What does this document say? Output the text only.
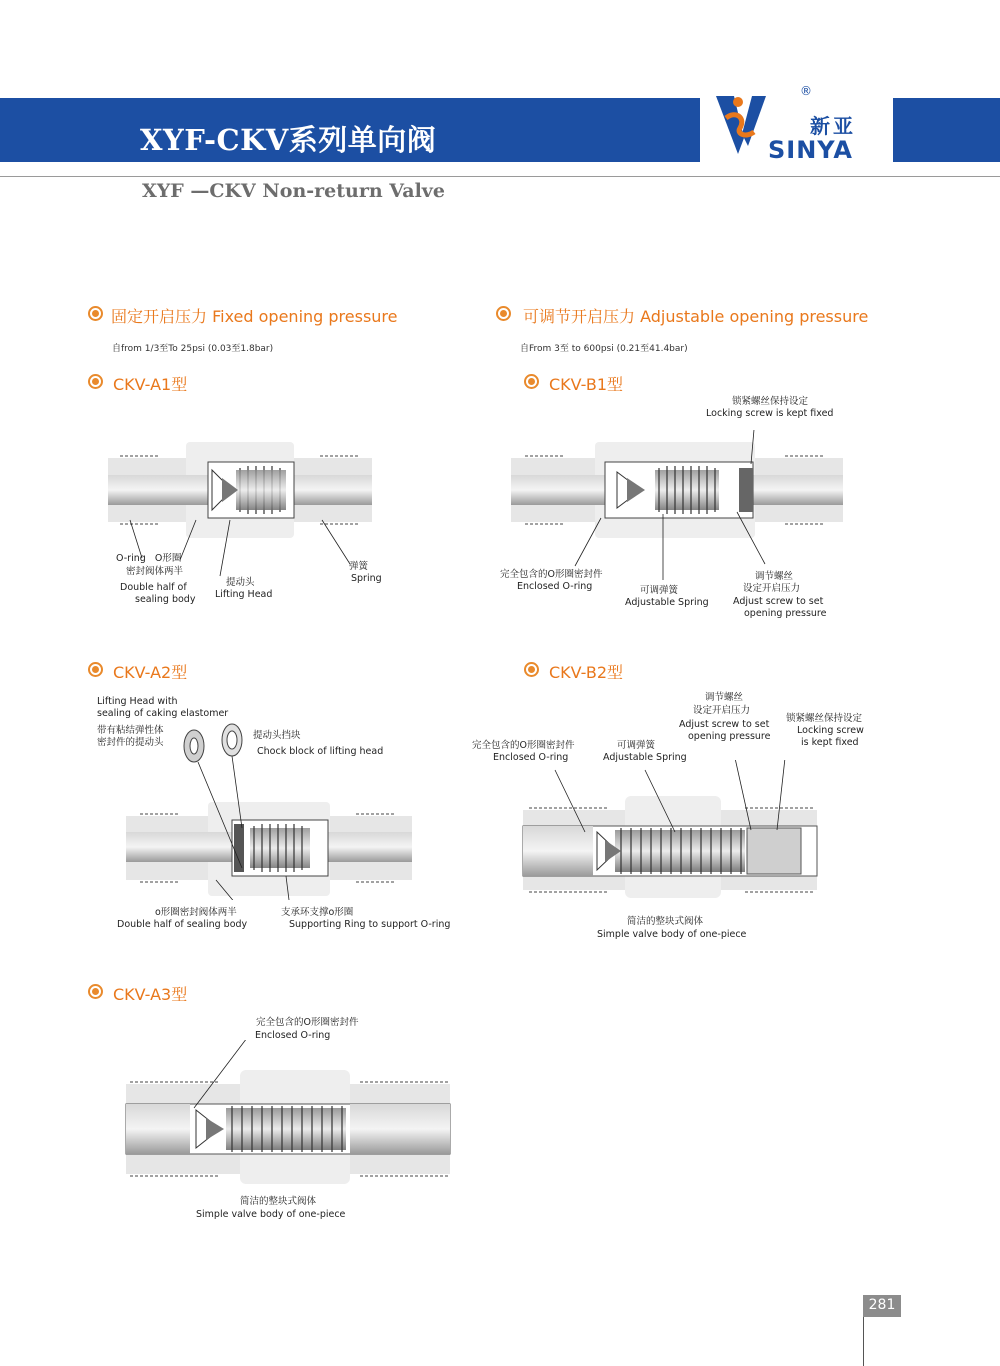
XYF-CKV系列单向阀
XYF —CKV Non-return Valve
®
新亚
SINYA
固定开启压力 Fixed opening pressure
自from 1/3至To 25psi (0.03至1.8bar)
可调节开启压力 Adjustable opening pressure
自From 3至 to 600psi (0.21至41.4bar)
CKV-A1型	CKV-B1型
CKV-A2型	CKV-B2型
CKV-A3型
O-ring O形圈
密封阀体两半
Double half of
sealing body
提动头
Lifting Head
弹簧
Spring
锁紧螺丝保持设定
Locking screw is kept fixed
完全包含的O形圈密封件
Enclosed O-ring	可调弹簧
Adjustable Spring
调节螺丝
设定开启压力
Adjust screw to set
opening pressure
Lifting Head with
sealing of caking elastomer
带有粘结弹性体
密封件的提动头
提动头挡块
Chock block of lifting head
o形圈密封阀体两半
Double half of sealing body
支承环支撑o形圈
Supporting Ring to support O-ring
调节螺丝
设定开启压力
Adjust screw to set
opening pressure
锁紧螺丝保持设定
Locking screw
is kept fixed
完全包含的O形圈密封件
Enclosed O-ring
可调弹簧
Adjustable Spring
简洁的整块式阀体
Simple valve body of one-piece
完全包含的O形圈密封件
Enclosed O-ring
简洁的整块式阀体
Simple valve body of one-piece
281
